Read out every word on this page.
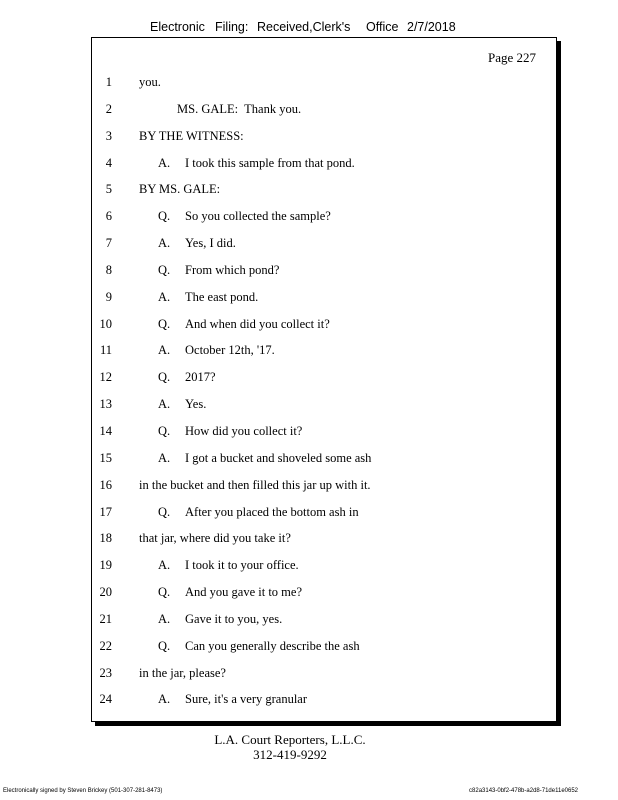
Electronic Filing: Received,Clerk's Office 2/7/2018
Page 227
1 you.
2	MS. GALE:  Thank you.
3 BY THE WITNESS:
4	A. I took this sample from that pond.
5 BY MS. GALE:
6	Q. So you collected the sample?
7	A. Yes, I did.
8	Q. From which pond?
9	A. The east pond.
10	Q. And when did you collect it?
11	A. October 12th, '17.
12	Q. 2017?
13	A. Yes.
14	Q. How did you collect it?
15	A. I got a bucket and shoveled some ash
16 in the bucket and then filled this jar up with it.
17	Q. After you placed the bottom ash in
18 that jar, where did you take it?
19	A. I took it to your office.
20	Q. And you gave it to me?
21	A. Gave it to you, yes.
22	Q. Can you generally describe the ash
23 in the jar, please?
24	A. Sure, it's a very granular
L.A. Court Reporters, L.L.C.
312-419-9292
Electronically signed by Steven Brickey (501-307-281-8473)	c82a3143-0bf2-478b-a2d8-71de11e0652
